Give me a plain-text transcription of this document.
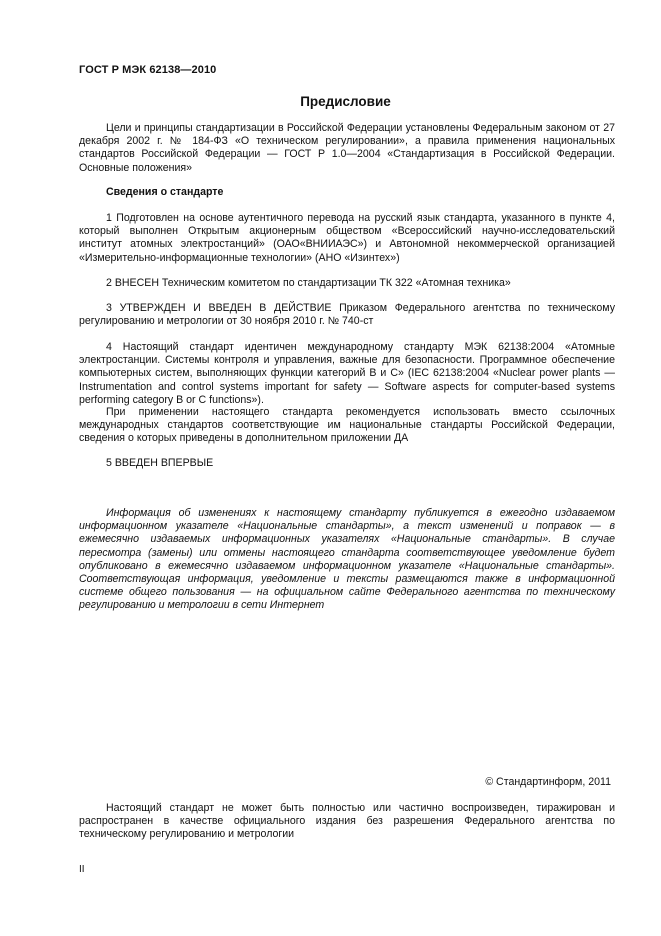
ГОСТ Р МЭК 62138—2010
Предисловие
Цели и принципы стандартизации в Российской Федерации установлены Федеральным законом от 27 декабря 2002 г. № 184-ФЗ «О техническом регулировании», а правила применения национальных стандартов Российской Федерации — ГОСТ Р 1.0—2004 «Стандартизация в Российской Федерации. Основные положения»
Сведения о стандарте
1 Подготовлен на основе аутентичного перевода на русский язык стандарта, указанного в пункте 4, который выполнен Открытым акционерным обществом «Всероссийский научно-исследовательский институт атомных электростанций» (ОАО«ВНИИАЭС») и Автономной некоммерческой организацией «Измерительно-информационные технологии» (АНО «Изинтех»)
2 ВНЕСЕН Техническим комитетом по стандартизации ТК 322 «Атомная техника»
3 УТВЕРЖДЕН И ВВЕДЕН В ДЕЙСТВИЕ Приказом Федерального агентства по техническому регулированию и метрологии от 30 ноября 2010 г. № 740-ст
4 Настоящий стандарт идентичен международному стандарту МЭК 62138:2004 «Атомные электростанции. Системы контроля и управления, важные для безопасности. Программное обеспечение компьютерных систем, выполняющих функции категорий В и С» (IEC 62138:2004 «Nuclear power plants — Instrumentation and control systems important for safety — Software aspects for computer-based systems performing category B or C functions»).
При применении настоящего стандарта рекомендуется использовать вместо ссылочных международных стандартов соответствующие им национальные стандарты Российской Федерации, сведения о которых приведены в дополнительном приложении ДА
5 ВВЕДЕН ВПЕРВЫЕ
Информация об изменениях к настоящему стандарту публикуется в ежегодно издаваемом информационном указателе «Национальные стандарты», а текст изменений и поправок — в ежемесячно издаваемых информационных указателях «Национальные стандарты». В случае пересмотра (замены) или отмены настоящего стандарта соответствующее уведомление будет опубликовано в ежемесячно издаваемом информационном указателе «Национальные стандарты». Соответствующая информация, уведомление и тексты размещаются также в информационной системе общего пользования — на официальном сайте Федерального агентства по техническому регулированию и метрологии в сети Интернет
© Стандартинформ, 2011
Настоящий стандарт не может быть полностью или частично воспроизведен, тиражирован и распространен в качестве официального издания без разрешения Федерального агентства по техническому регулированию и метрологии
II
